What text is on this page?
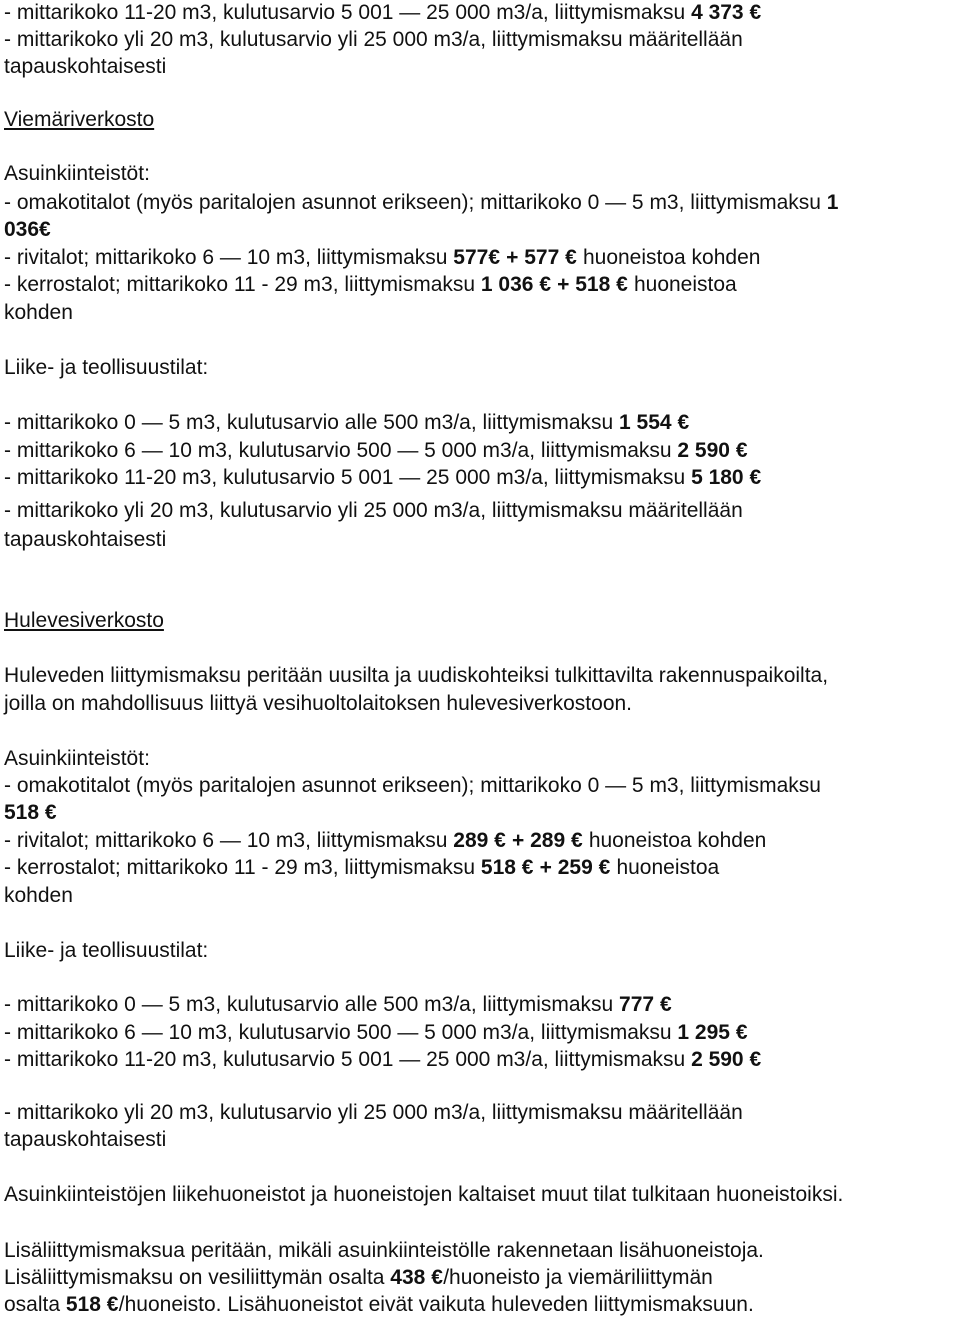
- mittarikoko 11-20 m3, kulutusarvio 5 001 — 25 000 m3/a, liittymismaksu 4 373 €
- mittarikoko yli 20 m3, kulutusarvio yli 25 000 m3/a, liittymismaksu määritellään
tapauskohtaisesti
Viemäriverkosto
Asuinkiinteistöt:
- omakotitalot (myös paritalojen asunnot erikseen); mittarikoko 0 — 5 m3, liittymismaksu 1
036€
- rivitalot; mittarikoko 6 — 10 m3, liittymismaksu 577€ + 577 € huoneistoa kohden
- kerrostalot; mittarikoko 11 - 29 m3, liittymismaksu 1 036 € + 518 € huoneistoa
kohden
Liike- ja teollisuustilat:
- mittarikoko 0 — 5 m3, kulutusarvio alle 500 m3/a, liittymismaksu 1 554 €
- mittarikoko 6 — 10 m3, kulutusarvio 500 — 5 000 m3/a, liittymismaksu 2 590 €
- mittarikoko 11-20 m3, kulutusarvio 5 001 — 25 000 m3/a, liittymismaksu 5 180 €
- mittarikoko yli 20 m3, kulutusarvio yli 25 000 m3/a, liittymismaksu määritellään
tapauskohtaisesti
Hulevesiverkosto
Huleveden liittymismaksu peritään uusilta ja uudiskohteiksi tulkittavilta rakennuspaikoilta,
joilla on mahdollisuus liittyä vesihuoltolaitoksen hulevesiverkostoon.
Asuinkiinteistöt:
- omakotitalot (myös paritalojen asunnot erikseen); mittarikoko 0 — 5 m3, liittymismaksu
518 €
- rivitalot; mittarikoko 6 — 10 m3, liittymismaksu 289 € + 289 € huoneistoa kohden
- kerrostalot; mittarikoko 11 - 29 m3, liittymismaksu 518 € + 259 € huoneistoa
kohden
Liike- ja teollisuustilat:
- mittarikoko 0 — 5 m3, kulutusarvio alle 500 m3/a, liittymismaksu 777 €
- mittarikoko 6 — 10 m3, kulutusarvio 500 — 5 000 m3/a, liittymismaksu 1 295 €
- mittarikoko 11-20 m3, kulutusarvio 5 001 — 25 000 m3/a, liittymismaksu 2 590 €
- mittarikoko yli 20 m3, kulutusarvio yli 25 000 m3/a, liittymismaksu määritellään
tapauskohtaisesti
Asuinkiinteistöjen liikehuoneistot ja huoneistojen kaltaiset muut tilat tulkitaan huoneistoiksi.
Lisäliittymismaksua peritään, mikäli asuinkiinteistölle rakennetaan lisähuoneistoja.
Lisäliittymismaksu on vesiliittymän osalta 438 €/huoneisto ja viemäriliittymän
osalta 518 €/huoneisto. Lisähuoneistot eivät vaikuta huleveden liittymismaksuun.
